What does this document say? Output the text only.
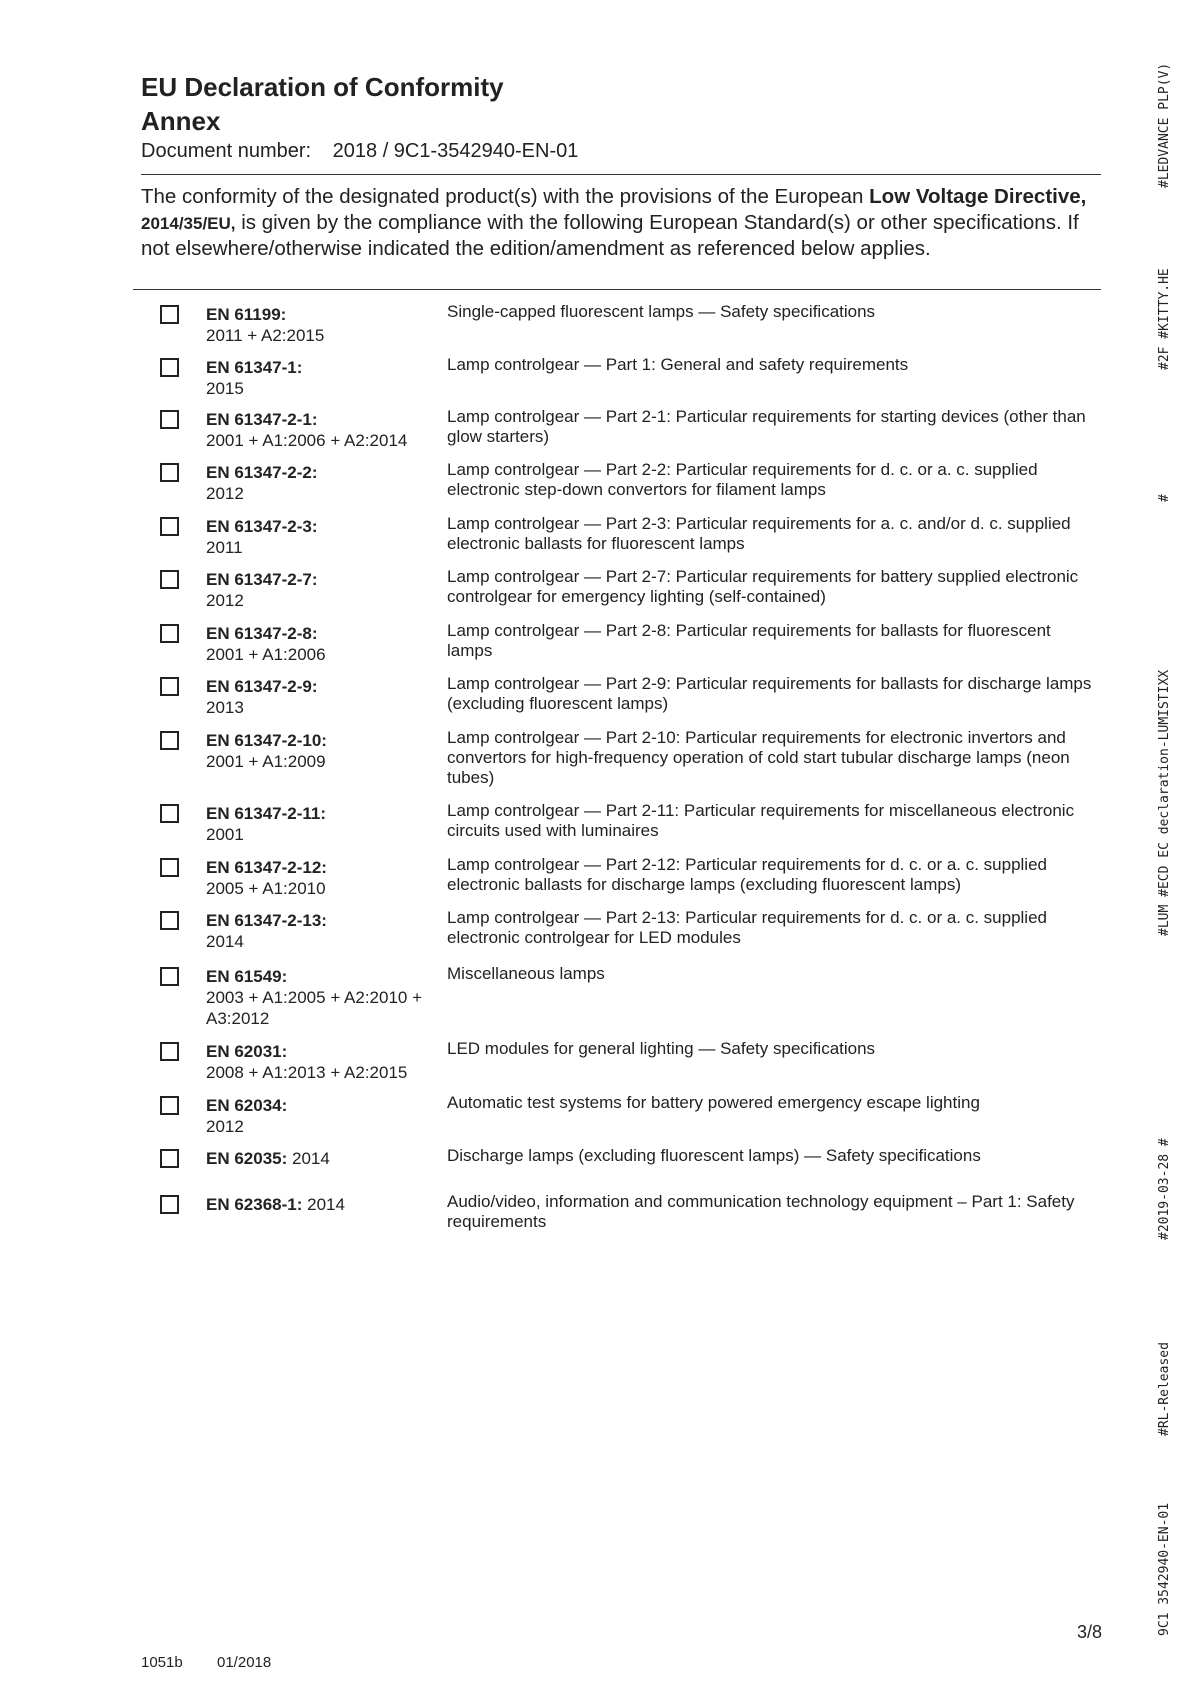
EU Declaration of Conformity
Annex
Document number: 2018 / 9C1-3542940-EN-01
The conformity of the designated product(s) with the provisions of the European Low Voltage Directive, 2014/35/EU, is given by the compliance with the following European Standard(s) or other specifications. If not elsewhere/otherwise indicated the edition/amendment as referenced below applies.
EN 61199:
2011 + A2:2015
Single-capped fluorescent lamps — Safety specifications
EN 61347-1:
2015
Lamp controlgear — Part 1: General and safety requirements
EN 61347-2-1:
2001 + A1:2006 + A2:2014
Lamp controlgear — Part 2-1: Particular requirements for starting devices (other than glow starters)
EN 61347-2-2:
2012
Lamp controlgear — Part 2-2: Particular requirements for d. c. or a. c. supplied electronic step-down convertors for filament lamps
EN 61347-2-3:
2011
Lamp controlgear — Part 2-3: Particular requirements for a. c. and/or d. c. supplied electronic ballasts for fluorescent lamps
EN 61347-2-7:
2012
Lamp controlgear — Part 2-7: Particular requirements for battery supplied electronic controlgear for emergency lighting (self-contained)
EN 61347-2-8:
2001 + A1:2006
Lamp controlgear — Part 2-8: Particular requirements for ballasts for fluorescent lamps
EN 61347-2-9:
2013
Lamp controlgear — Part 2-9: Particular requirements for ballasts for discharge lamps (excluding fluorescent lamps)
EN 61347-2-10:
2001 + A1:2009
Lamp controlgear — Part 2-10: Particular requirements for electronic invertors and convertors for high-frequency operation of cold start tubular discharge lamps (neon tubes)
EN 61347-2-11:
2001
Lamp controlgear — Part 2-11: Particular requirements for miscellaneous electronic circuits used with luminaires
EN 61347-2-12:
2005 + A1:2010
Lamp controlgear — Part 2-12: Particular requirements for d. c. or a. c. supplied electronic ballasts for discharge lamps (excluding fluorescent lamps)
EN 61347-2-13:
2014
Lamp controlgear — Part 2-13: Particular requirements for d. c. or a. c. supplied electronic controlgear for LED modules
EN 61549:
2003 + A1:2005 + A2:2010 + A3:2012
Miscellaneous lamps
EN 62031:
2008 + A1:2013 + A2:2015
LED modules for general lighting — Safety specifications
EN 62034:
2012
Automatic test systems for battery powered emergency escape lighting
EN 62035: 2014	Discharge lamps (excluding fluorescent lamps) — Safety specifications
EN 62368-1: 2014	Audio/video, information and communication technology equipment – Part 1: Safety requirements
#LEDVANCE PLP(V)
#2F #KITTY.HE
#
#LUM #ECD EC declaration-LUMISTIXX
#2019-03-28 #
#RL-Released
9C1 3542940-EN-01
1051b 01/2018
3/8
